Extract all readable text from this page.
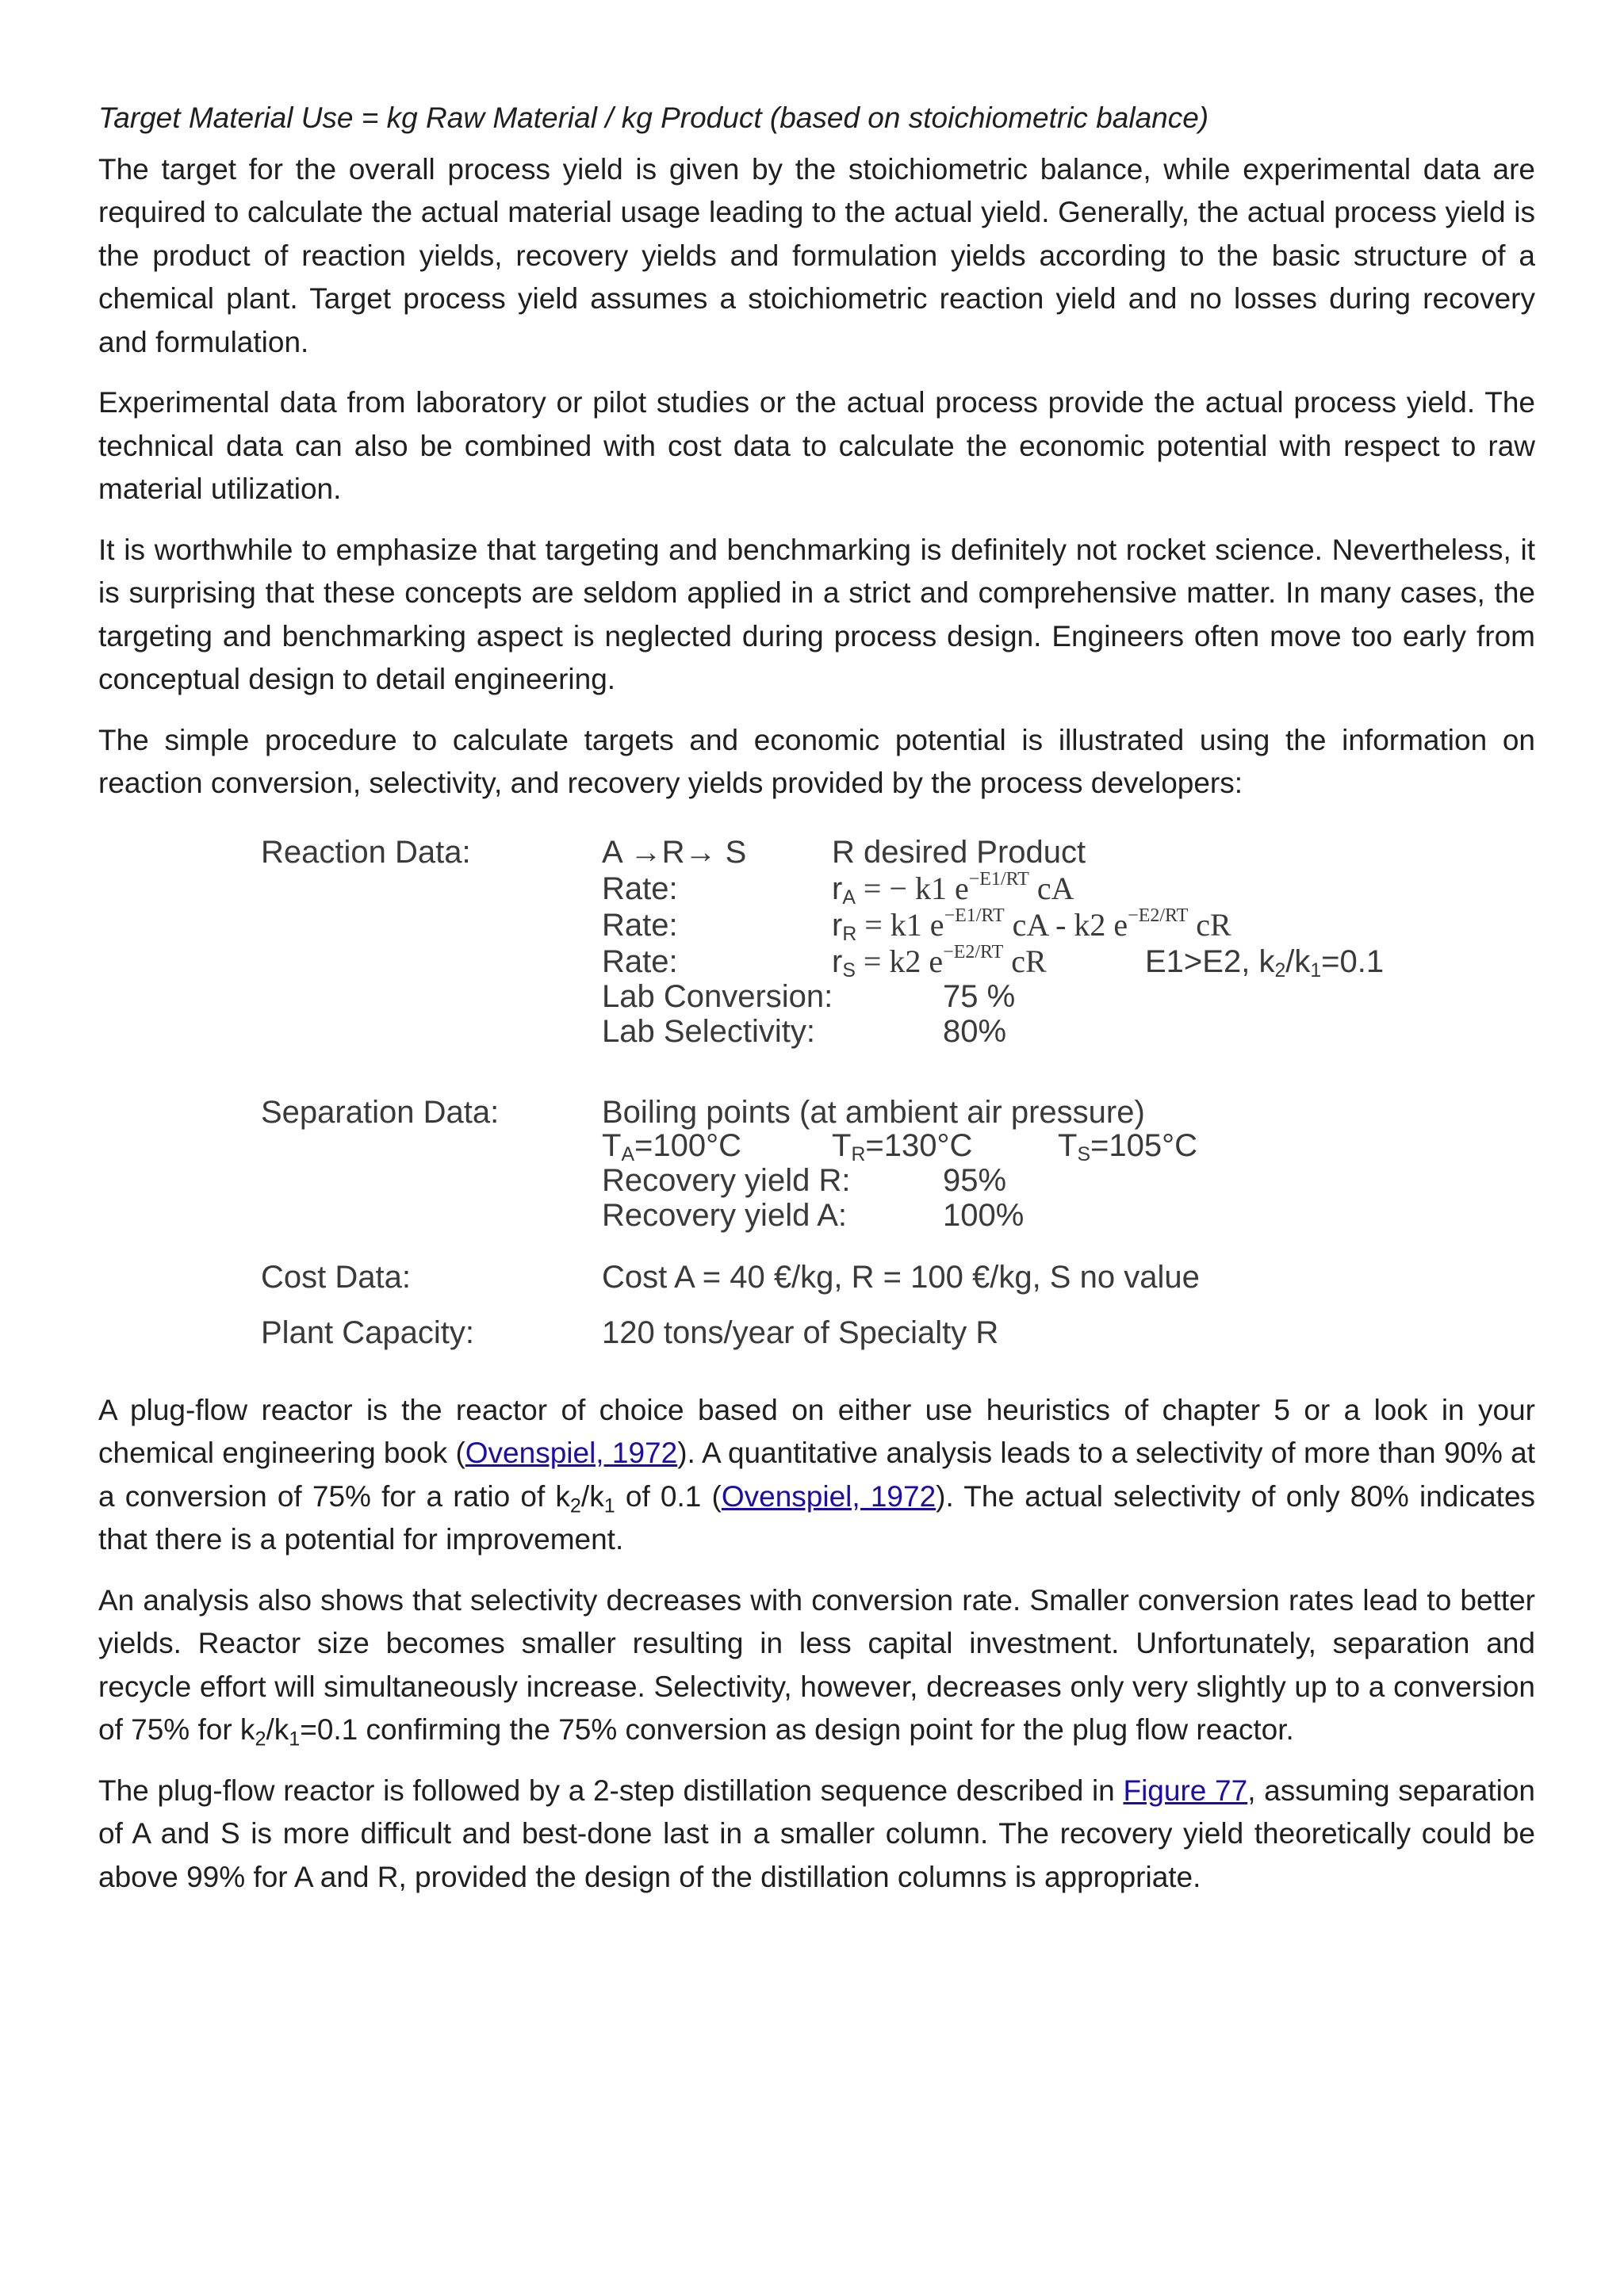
Target Material Use = kg Raw Material / kg Product (based on stoichiometric balance)

The target for the overall process yield is given by the stoichiometric balance, while experimental data are required to calculate the actual material usage leading to the actual yield. Generally, the actual process yield is the product of reaction yields, recovery yields and formulation yields according to the basic structure of a chemical plant. Target process yield assumes a stoichiometric reaction yield and no losses during recovery and formulation.

Experimental data from laboratory or pilot studies or the actual process provide the actual process yield. The technical data can also be combined with cost data to calculate the economic potential with respect to raw material utilization.

It is worthwhile to emphasize that targeting and benchmarking is definitely not rocket science. Nevertheless, it is surprising that these concepts are seldom applied in a strict and comprehensive matter. In many cases, the targeting and benchmarking aspect is neglected during process design. Engineers often move too early from conceptual design to detail engineering.

The simple procedure to calculate targets and economic potential is illustrated using the information on reaction conversion, selectivity, and recovery yields provided by the process developers:

Reaction Data:	A →R→ S	R desired Product
Rate:	$r_A$ = − k1 $e^{-E1/RT}$ cA
Rate:	$r_R = k1$ $e^{-E1/RT}$ cA - k2 $e^{-E2/RT}$ cR
Rate:	$r_S = k2$ $e^{-E2/RT}$ cR	E1>E2, $k_2/k_1=0.1$
Lab Conversion:	75 %
Lab Selectivity:	80%
Separation Data:	Boiling points (at ambient air pressure)
$T_A=100^\circ C$	$T_R=130^\circ C$	$T_S=105^\circ C$
Recovery yield R:	95%
Recovery yield A:	100%
Cost Data:	Cost A = 40 €/kg, R = 100 €/kg, S no value
Plant Capacity:	120 tons/year of Specialty R

A plug-flow reactor is the reactor of choice based on either use heuristics of chapter 5 or a look in your chemical engineering book (Ovenspiel, 1972). A quantitative analysis leads to a selectivity of more than 90% at a conversion of 75% for a ratio of $k_2/k_1$ of 0.1 (Ovenspiel, 1972). The actual selectivity of only 80% indicates that there is a potential for improvement.

An analysis also shows that selectivity decreases with conversion rate. Smaller conversion rates lead to better yields. Reactor size becomes smaller resulting in less capital investment. Unfortunately, separation and recycle effort will simultaneously increase. Selectivity, however, decreases only very slightly up to a conversion of 75% for $k_2/k_1=0.1$ confirming the 75% conversion as design point for the plug flow reactor.

The plug-flow reactor is followed by a 2-step distillation sequence described in Figure 77, assuming separation of A and S is more difficult and best-done last in a smaller column. The recovery yield theoretically could be above 99% for A and R, provided the design of the distillation columns is appropriate.
